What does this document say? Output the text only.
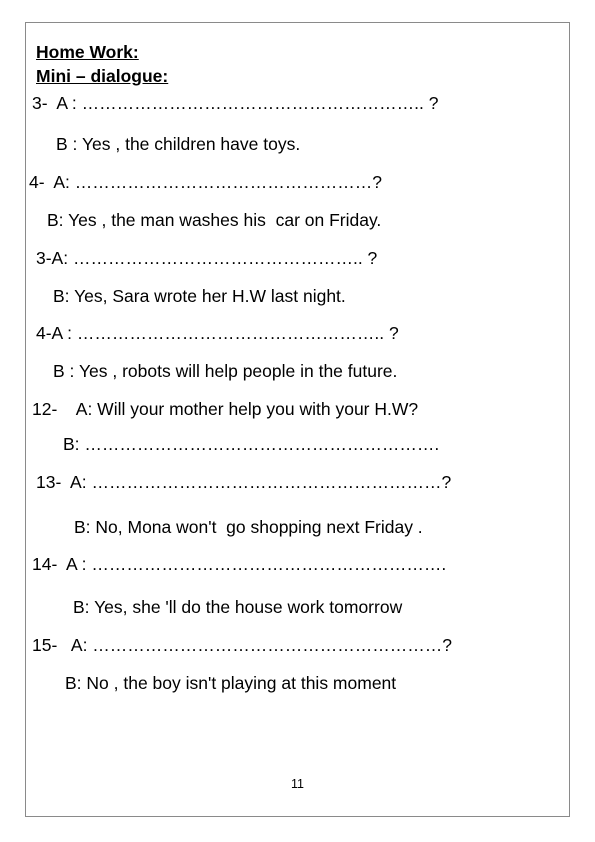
Home Work:
Mini – dialogue:
3-  A : ………………………………………………….. ?
B : Yes , the children have toys.
4-  A: ……………………………………………?
B: Yes , the man washes his  car on Friday.
3-A: ………………………………………….. ?
B: Yes, Sara wrote her H.W last night.
4-A : …………………………………………….. ?
B : Yes , robots will help people in the future.
12-    A: Will your mother help you with your H.W?
B: …………………………………………………….
13-  A: ……………………………………………………?
B: No, Mona won't  go shopping next Friday .
14-  A : …………………………………………………….
B: Yes, she 'll do the house work tomorrow
15-   A: ……………………………………………………?
B: No , the boy isn't playing at this moment
11
